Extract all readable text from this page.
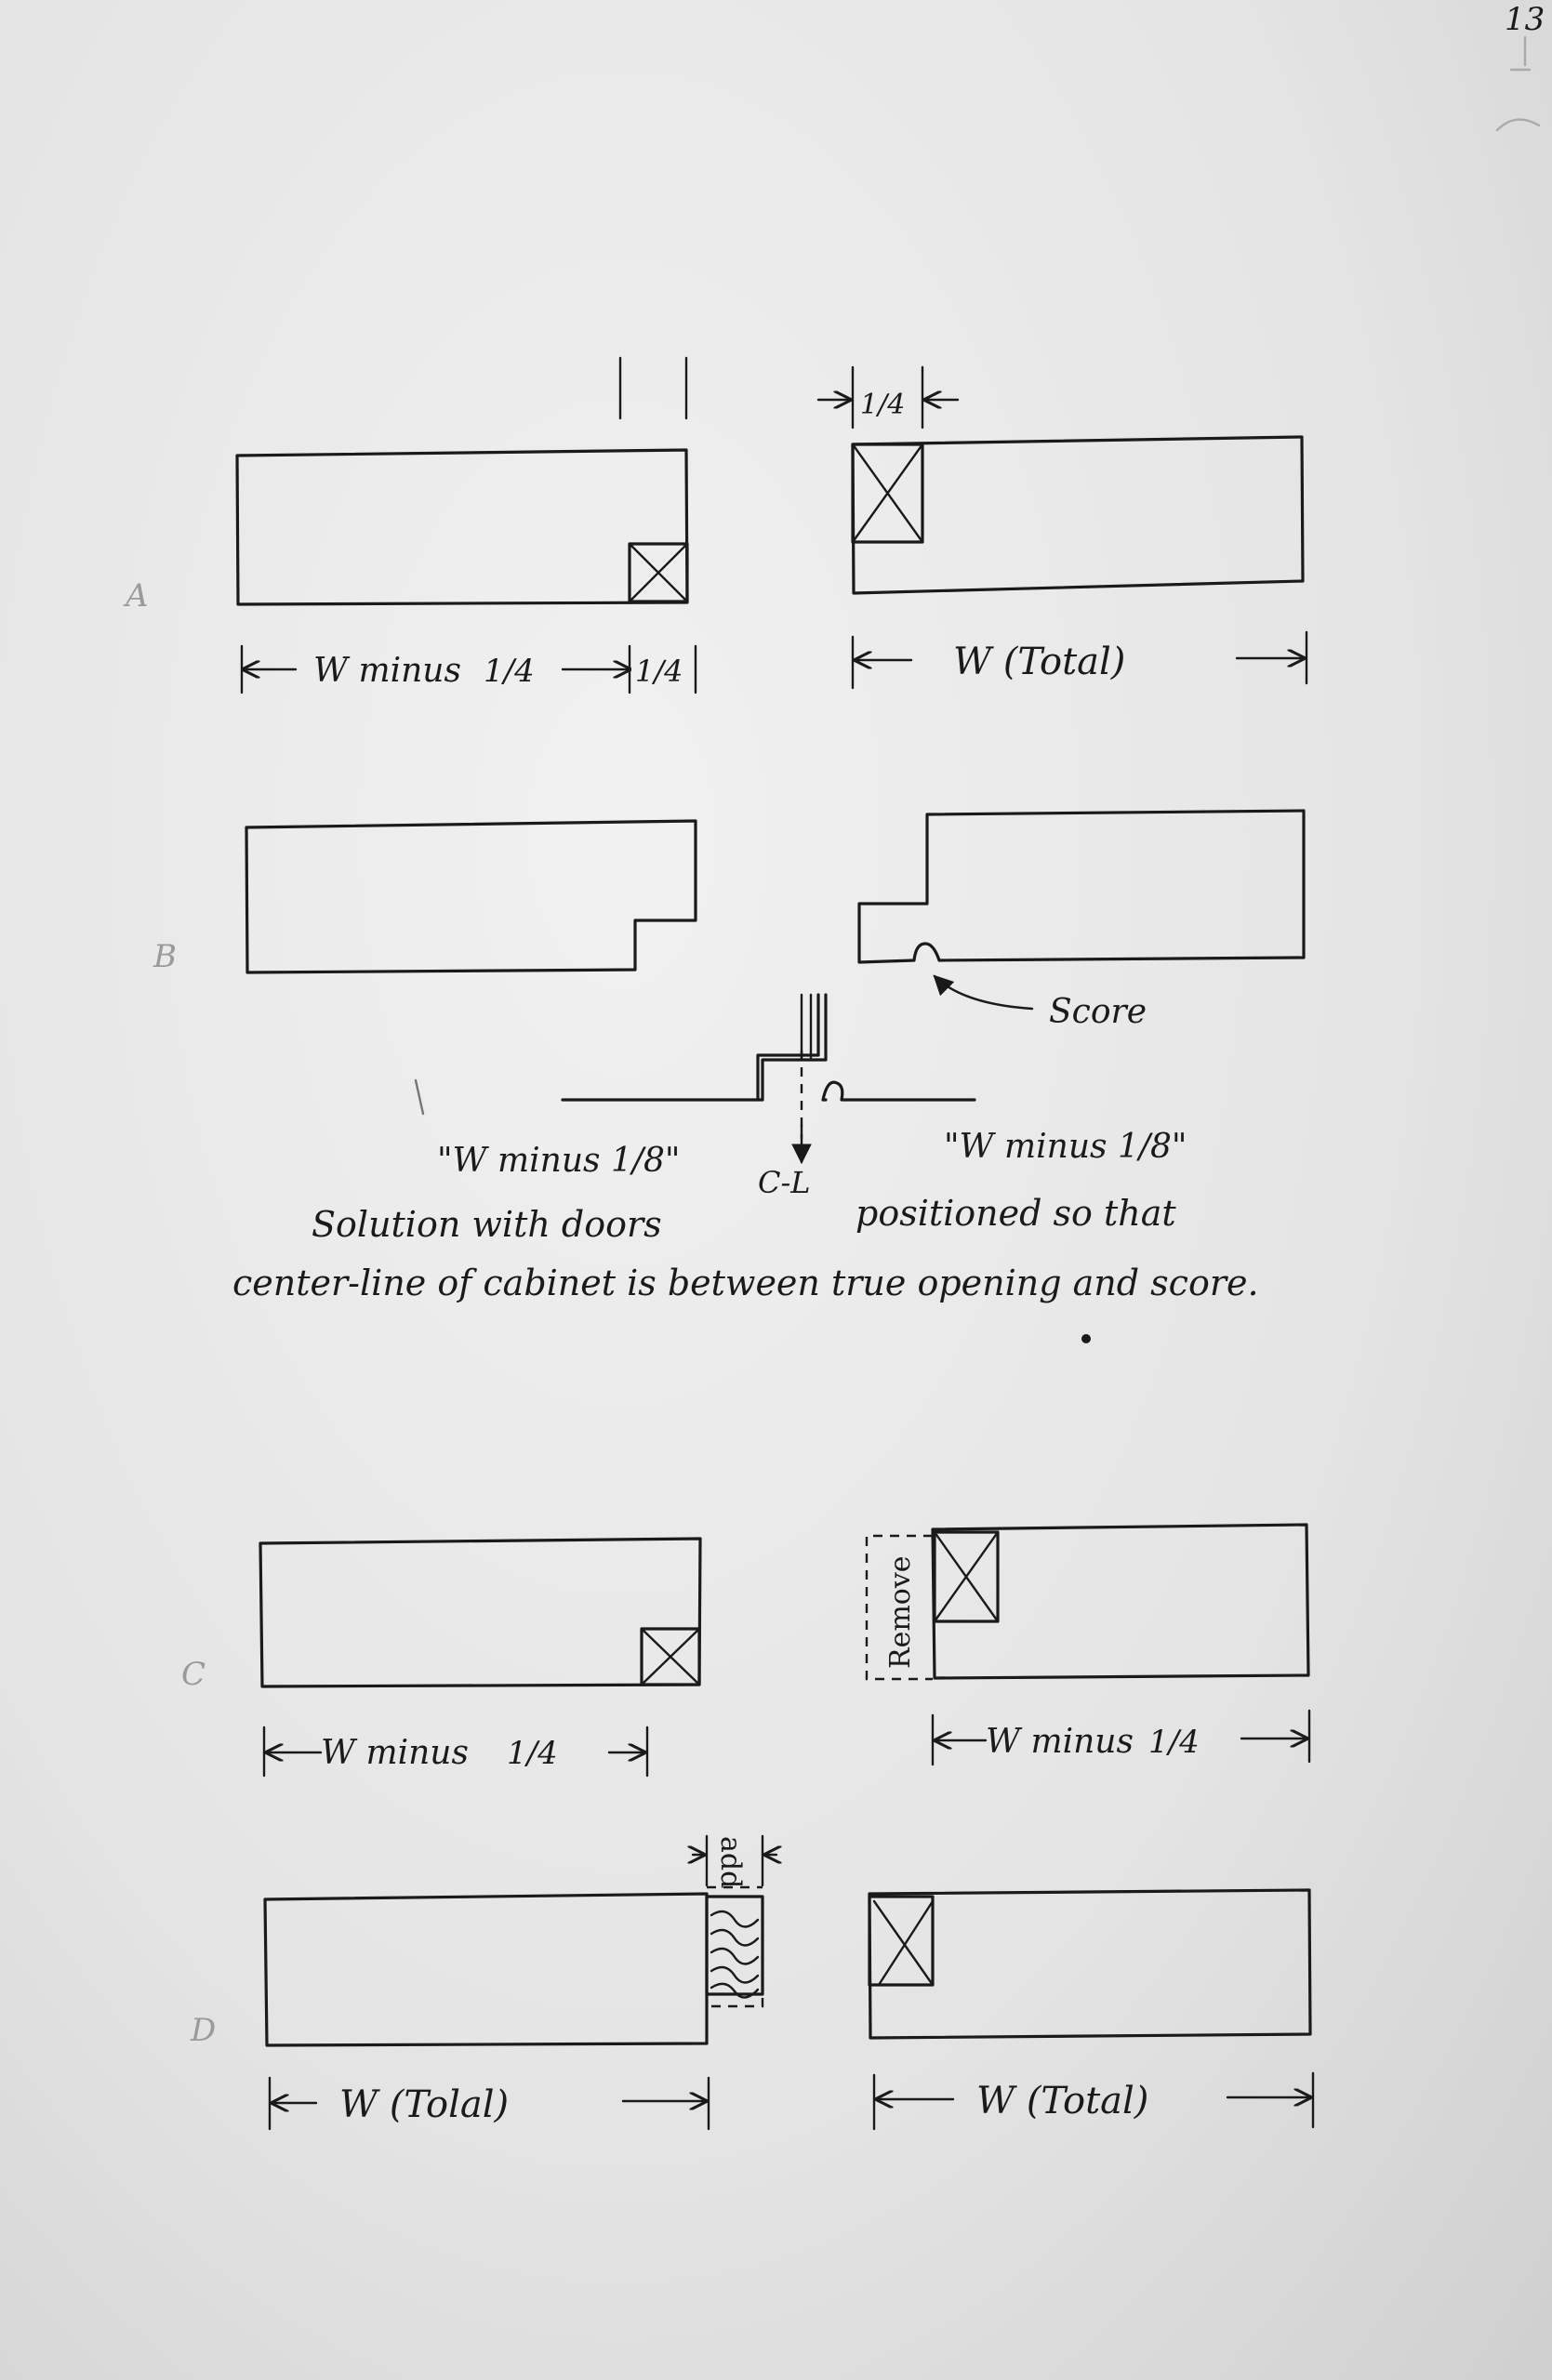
13
A
W minus 1/4	1/4
1/4
W (Total)
B
Score
C-L
"W minus 1/8"	"W minus 1/8"
Solution with doors	positioned so that
center-line of cabinet is between true opening and score.
C
W minus 1/4
Remove
W minus 1/4
D
add
W (Tolal)	W (Total)
